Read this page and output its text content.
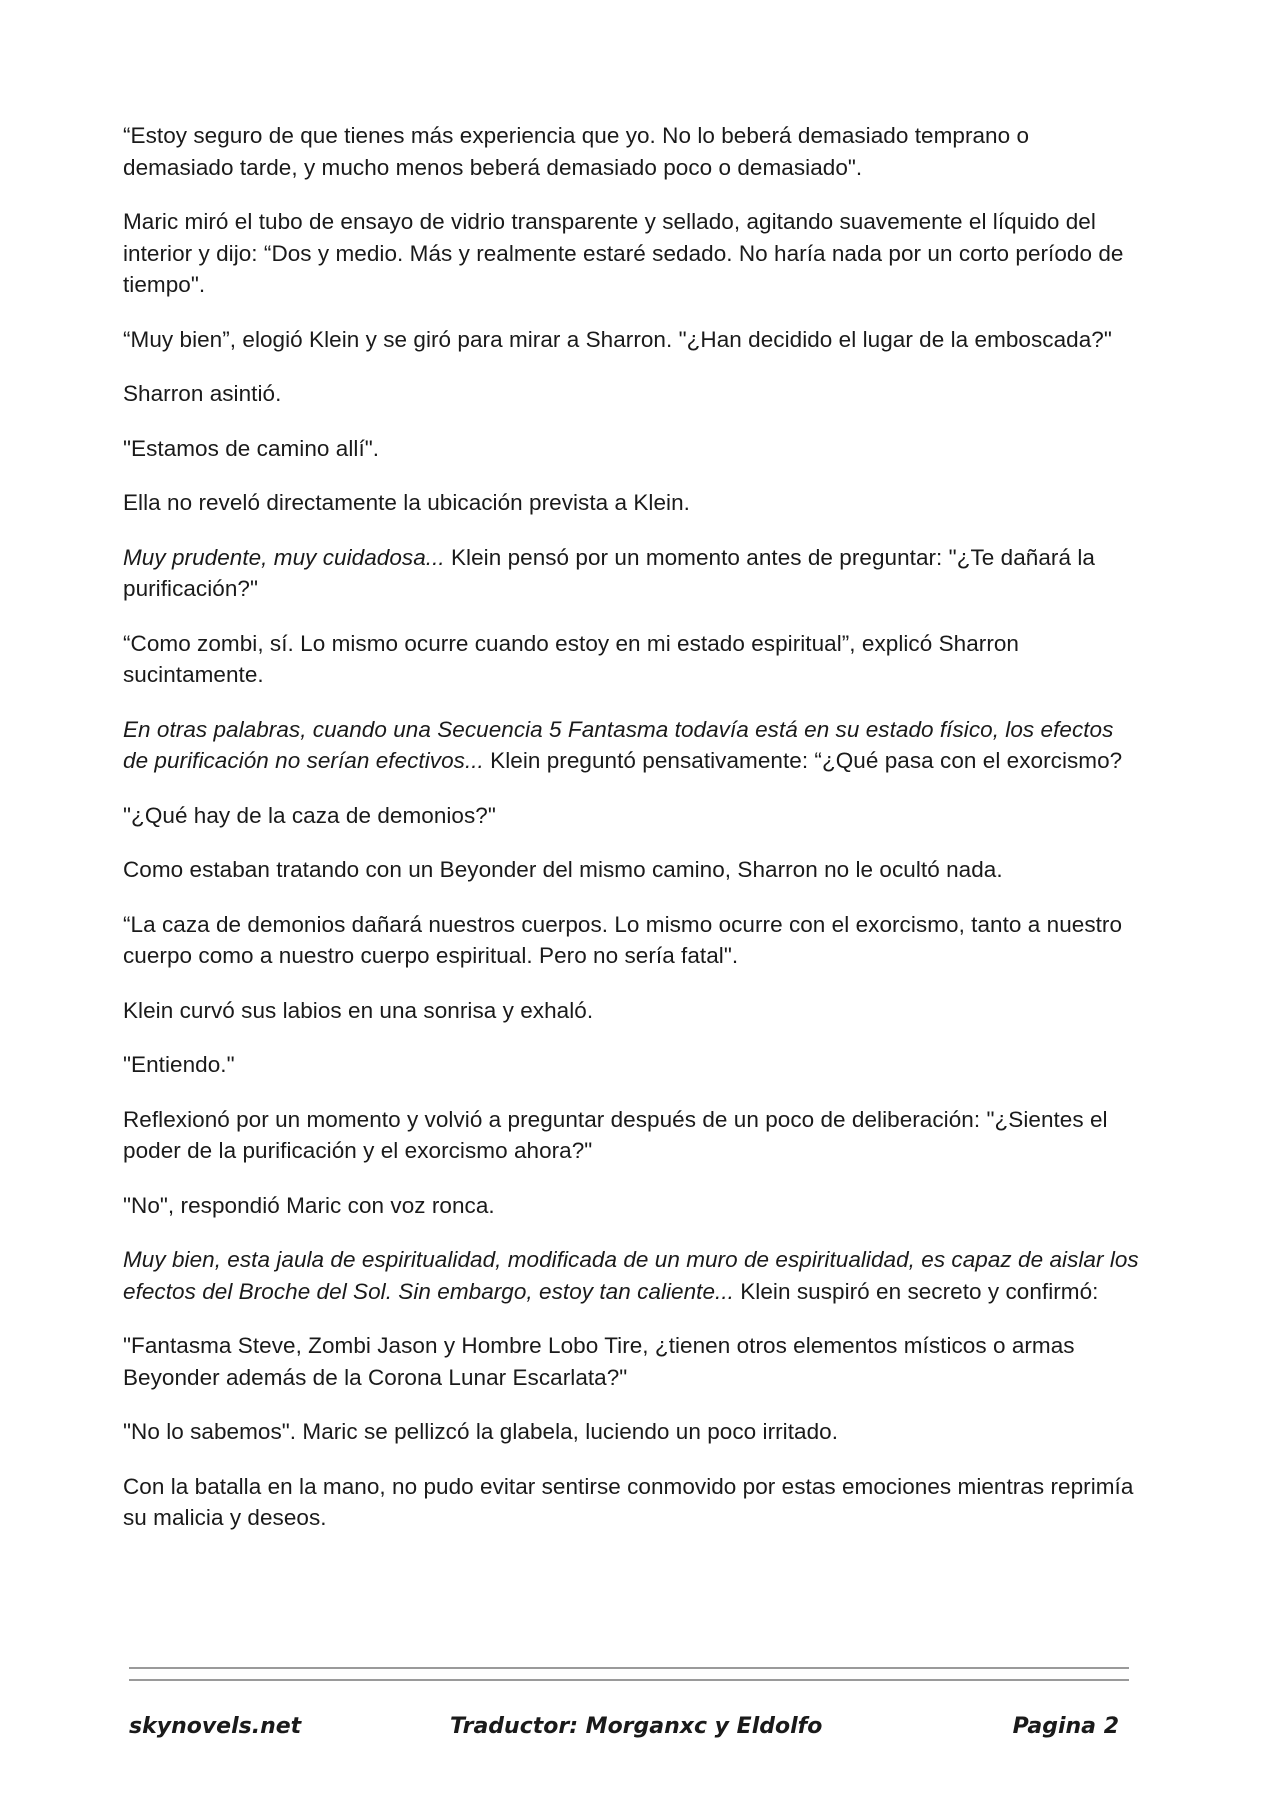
“Estoy seguro de que tienes más experiencia que yo. No lo beberá demasiado temprano o demasiado tarde, y mucho menos beberá demasiado poco o demasiado".

Maric miró el tubo de ensayo de vidrio transparente y sellado, agitando suavemente el líquido del interior y dijo: “Dos y medio. Más y realmente estaré sedado. No haría nada por un corto período de tiempo".

“Muy bien”, elogió Klein y se giró para mirar a Sharron. "¿Han decidido el lugar de la emboscada?"

Sharron asintió.

"Estamos de camino allí".

Ella no reveló directamente la ubicación prevista a Klein.

Muy prudente, muy cuidadosa... Klein pensó por un momento antes de preguntar: "¿Te dañará la purificación?"

“Como zombi, sí. Lo mismo ocurre cuando estoy en mi estado espiritual”, explicó Sharron sucintamente.

En otras palabras, cuando una Secuencia 5 Fantasma todavía está en su estado físico, los efectos de purificación no serían efectivos... Klein preguntó pensativamente: “¿Qué pasa con el exorcismo?

"¿Qué hay de la caza de demonios?"

Como estaban tratando con un Beyonder del mismo camino, Sharron no le ocultó nada.

“La caza de demonios dañará nuestros cuerpos. Lo mismo ocurre con el exorcismo, tanto a nuestro cuerpo como a nuestro cuerpo espiritual. Pero no sería fatal".

Klein curvó sus labios en una sonrisa y exhaló.

"Entiendo."

Reflexionó por un momento y volvió a preguntar después de un poco de deliberación: "¿Sientes el poder de la purificación y el exorcismo ahora?"

"No", respondió Maric con voz ronca.

Muy bien, esta jaula de espiritualidad, modificada de un muro de espiritualidad, es capaz de aislar los efectos del Broche del Sol. Sin embargo, estoy tan caliente... Klein suspiró en secreto y confirmó:

"Fantasma Steve, Zombi Jason y Hombre Lobo Tire, ¿tienen otros elementos místicos o armas Beyonder además de la Corona Lunar Escarlata?"

"No lo sabemos". Maric se pellizcó la glabela, luciendo un poco irritado.

Con la batalla en la mano, no pudo evitar sentirse conmovido por estas emociones mientras reprimía su malicia y deseos.

skynovels.net	Traductor: Morganxc y Eldolfo	Pagina 2
